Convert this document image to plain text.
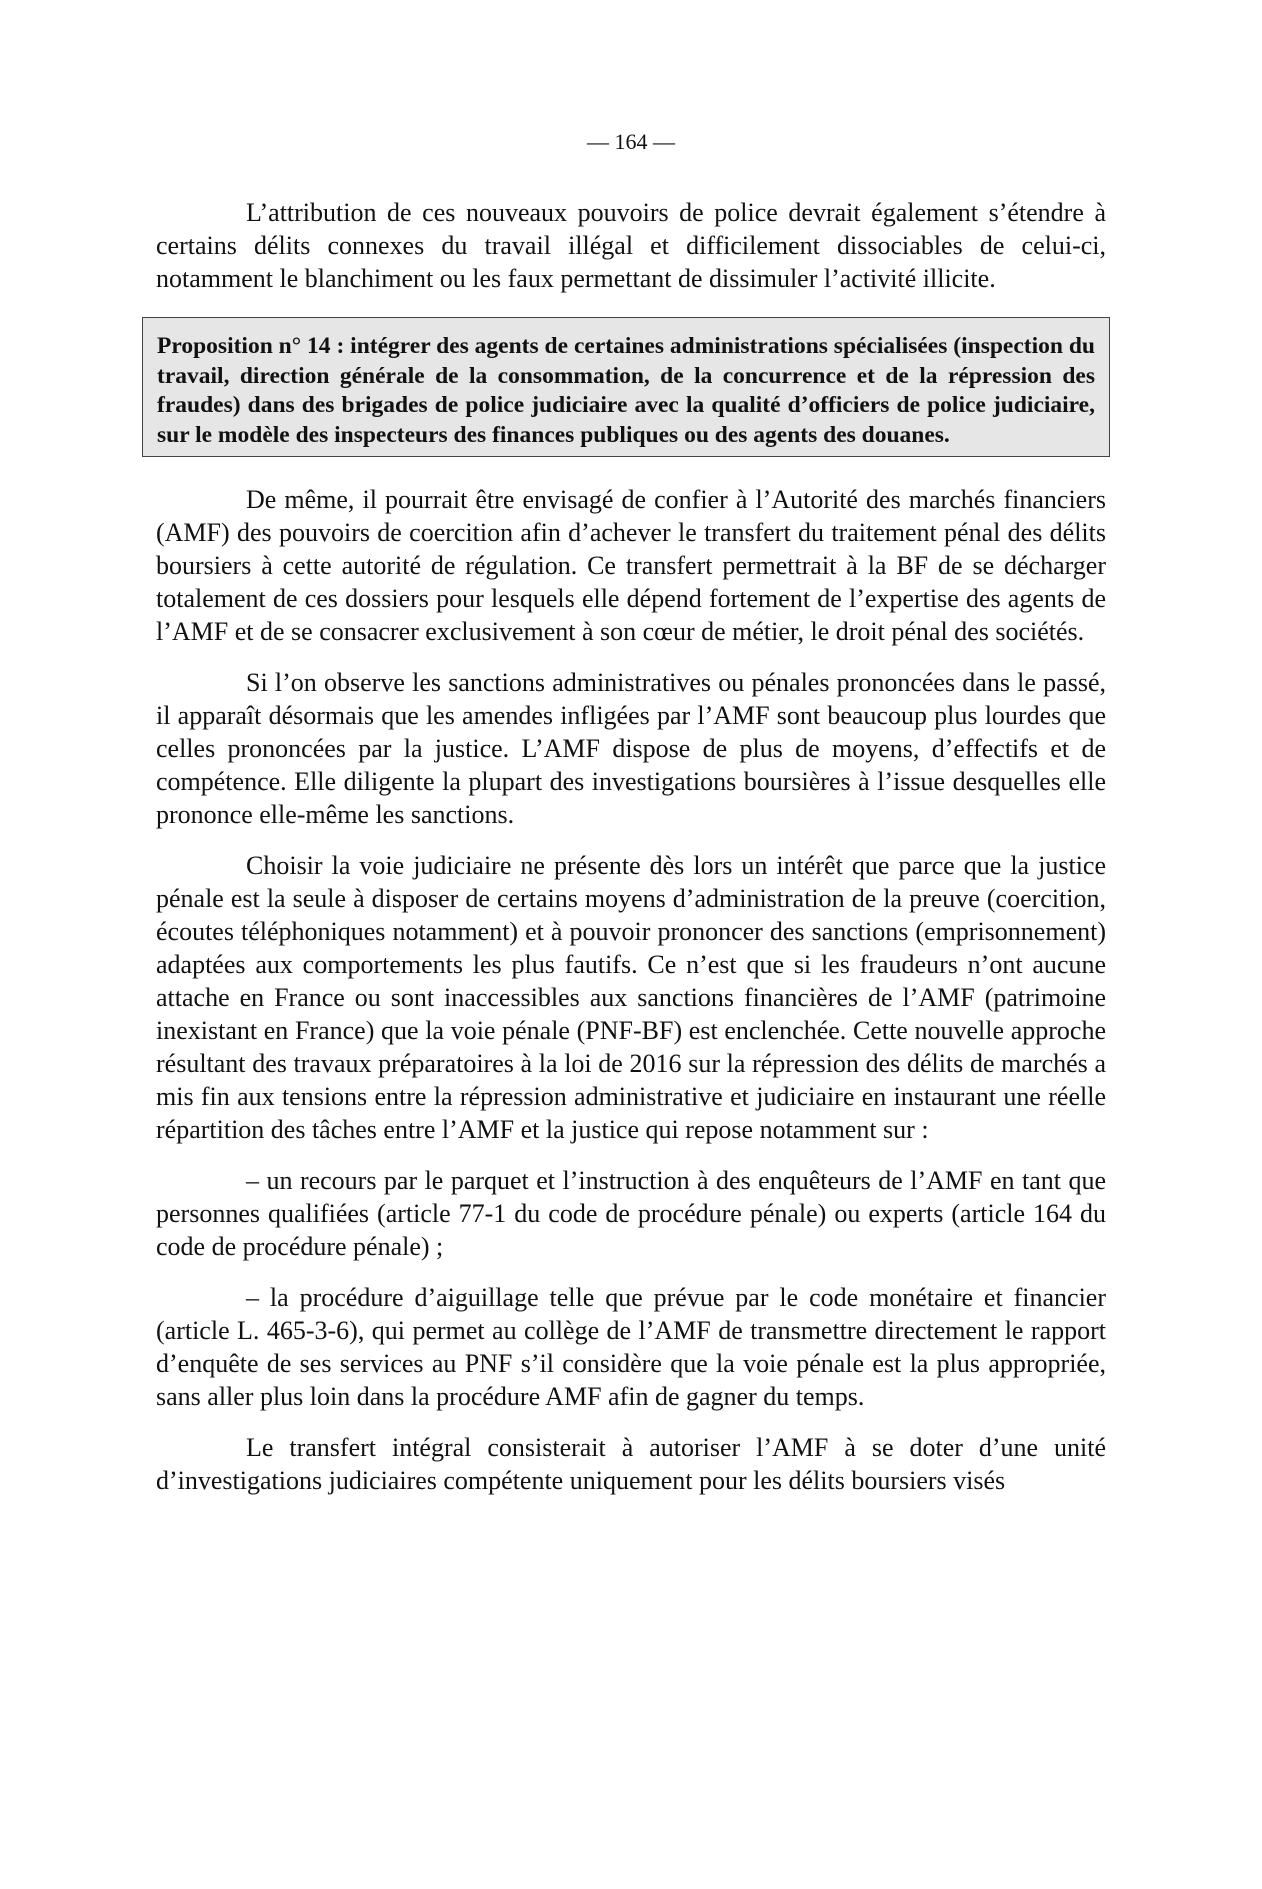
— 164 —

L’attribution de ces nouveaux pouvoirs de police devrait également s’étendre à certains délits connexes du travail illégal et difficilement dissociables de celui-ci, notamment le blanchiment ou les faux permettant de dissimuler l’activité illicite.

Proposition n° 14 : intégrer des agents de certaines administrations spécialisées (inspection du travail, direction générale de la consommation, de la concurrence et de la répression des fraudes) dans des brigades de police judiciaire avec la qualité d’officiers de police judiciaire, sur le modèle des inspecteurs des finances publiques ou des agents des douanes.

De même, il pourrait être envisagé de confier à l’Autorité des marchés financiers (AMF) des pouvoirs de coercition afin d’achever le transfert du traitement pénal des délits boursiers à cette autorité de régulation. Ce transfert permettrait à la BF de se décharger totalement de ces dossiers pour lesquels elle dépend fortement de l’expertise des agents de l’AMF et de se consacrer exclusivement à son cœur de métier, le droit pénal des sociétés.

Si l’on observe les sanctions administratives ou pénales prononcées dans le passé, il apparaît désormais que les amendes infligées par l’AMF sont beaucoup plus lourdes que celles prononcées par la justice. L’AMF dispose de plus de moyens, d’effectifs et de compétence. Elle diligente la plupart des investigations boursières à l’issue desquelles elle prononce elle-même les sanctions.

Choisir la voie judiciaire ne présente dès lors un intérêt que parce que la justice pénale est la seule à disposer de certains moyens d’administration de la preuve (coercition, écoutes téléphoniques notamment) et à pouvoir prononcer des sanctions (emprisonnement) adaptées aux comportements les plus fautifs. Ce n’est que si les fraudeurs n’ont aucune attache en France ou sont inaccessibles aux sanctions financières de l’AMF (patrimoine inexistant en France) que la voie pénale (PNF-BF) est enclenchée. Cette nouvelle approche résultant des travaux préparatoires à la loi de 2016 sur la répression des délits de marchés a mis fin aux tensions entre la répression administrative et judiciaire en instaurant une réelle répartition des tâches entre l’AMF et la justice qui repose notamment sur :

– un recours par le parquet et l’instruction à des enquêteurs de l’AMF en tant que personnes qualifiées (article 77-1 du code de procédure pénale) ou experts (article 164 du code de procédure pénale) ;

– la procédure d’aiguillage telle que prévue par le code monétaire et financier (article L. 465-3-6), qui permet au collège de l’AMF de transmettre directement le rapport d’enquête de ses services au PNF s’il considère que la voie pénale est la plus appropriée, sans aller plus loin dans la procédure AMF afin de gagner du temps.

Le transfert intégral consisterait à autoriser l’AMF à se doter d’une unité d’investigations judiciaires compétente uniquement pour les délits boursiers visés
